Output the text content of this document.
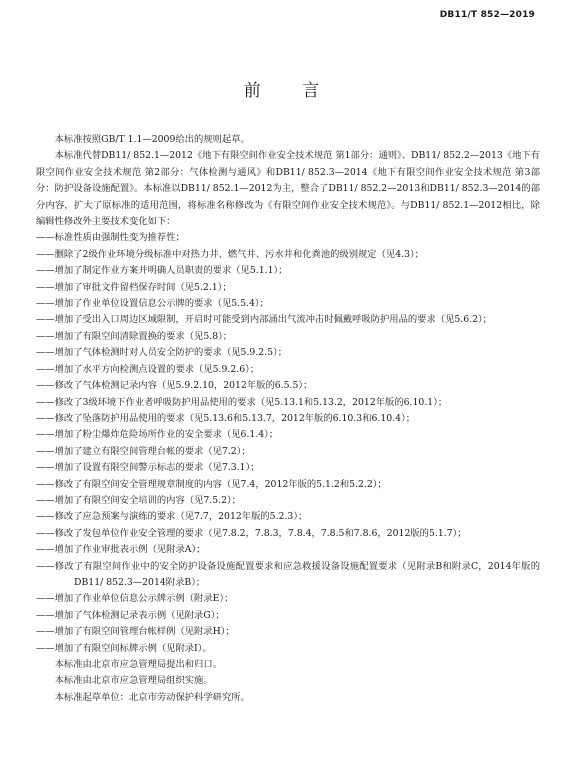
DB11/T 852—2019
前 言

本标准按照GB/T 1.1—2009给出的规则起草。

本标准代替DB11/ 852.1—2012《地下有限空间作业安全技术规范 第1部分：通则》、DB11/ 852.2—2013《地下有限空间作业安全技术规范 第2部分：气体检测与通风》和DB11/ 852.3—2014《地下有限空间作业安全技术规范 第3部分：防护设备设施配置》。本标准以DB11/ 852.1—2012为主，整合了DB11/ 852.2—2013和DB11/ 852.3—2014的部分内容，扩大了原标准的适用范围，将标准名称修改为《有限空间作业安全技术规范》。与DB11/ 852.1—2012相比，除编辑性修改外主要技术变化如下：

——标准性质由强制性变为推荐性；

——删除了2级作业环境分级标准中对热力井、燃气井、污水井和化粪池的级别规定（见4.3）；

——增加了制定作业方案并明确人员职责的要求（见5.1.1）；

——增加了审批文件留档保存时间（见5.2.1）；

——增加了作业单位设置信息公示牌的要求（见5.5.4）；

——增加了受出入口周边区域限制，开启时可能受到内部涌出气流冲击时佩戴呼吸防护用品的要求（见5.6.2）；

——增加了有限空间清除置换的要求（见5.8）；

——增加了气体检测时对人员安全防护的要求（见5.9.2.5）；

——增加了水平方向检测点设置的要求（见5.9.2.6）；

——修改了气体检测记录内容（见5.9.2.10，2012年版的6.5.5）；

——修改了3级环境下作业者呼吸防护用品使用的要求（见5.13.1和5.13.2，2012年版的6.10.1）；

——修改了坠落防护用品使用的要求（见5.13.6和5.13.7，2012年版的6.10.3和6.10.4）；

——增加了粉尘爆炸危险场所作业的安全要求（见6.1.4）；

——增加了建立有限空间管理台帐的要求（见7.2）；

——增加了设置有限空间警示标志的要求（见7.3.1）；

——修改了有限空间安全管理规章制度的内容（见7.4，2012年版的5.1.2和5.2.2）；

——增加了有限空间安全培训的内容（见7.5.2）；

——修改了应急预案与演练的要求（见7.7，2012年版的5.2.3）；

——修改了发包单位作业安全管理的要求（见7.8.2，7.8.3，7.8.4，7.8.5和7.8.6，2012版的5.1.7）；

——增加了作业审批表示例（见附录A）；

——修改了有限空间作业中的安全防护设备设施配置要求和应急救援设备设施配置要求（见附录B和附录C，2014年版的DB11/ 852.3—2014附录B）；

——增加了作业单位信息公示牌示例（附录E）；

——增加了气体检测记录表示例（见附录G）；

——增加了有限空间管理台帐样例（见附录H）；

——增加了有限空间标牌示例（见附录I）。

本标准由北京市应急管理局提出和归口。

本标准由北京市应急管理局组织实施。

本标准起草单位：北京市劳动保护科学研究所。
